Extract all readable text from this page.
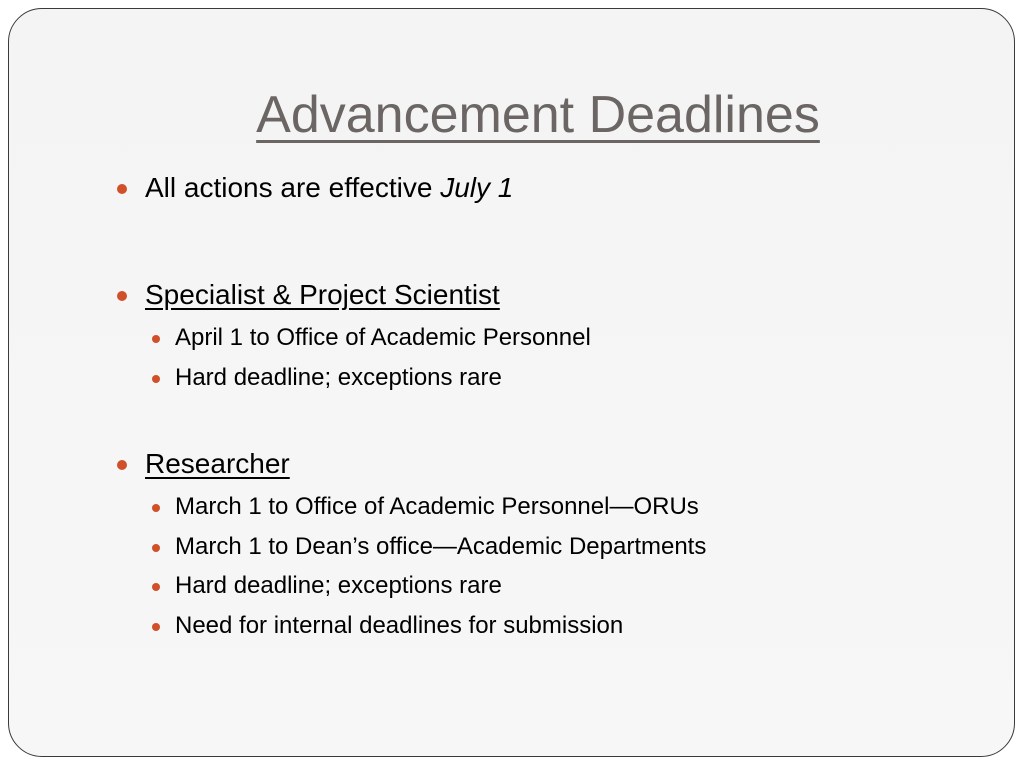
Advancement Deadlines
All actions are effective July 1
Specialist & Project Scientist
April 1 to Office of Academic Personnel
Hard deadline; exceptions rare
Researcher
March 1 to Office of Academic Personnel—ORUs
March 1 to Dean’s office—Academic Departments
Hard deadline; exceptions rare
Need for internal deadlines for submission
